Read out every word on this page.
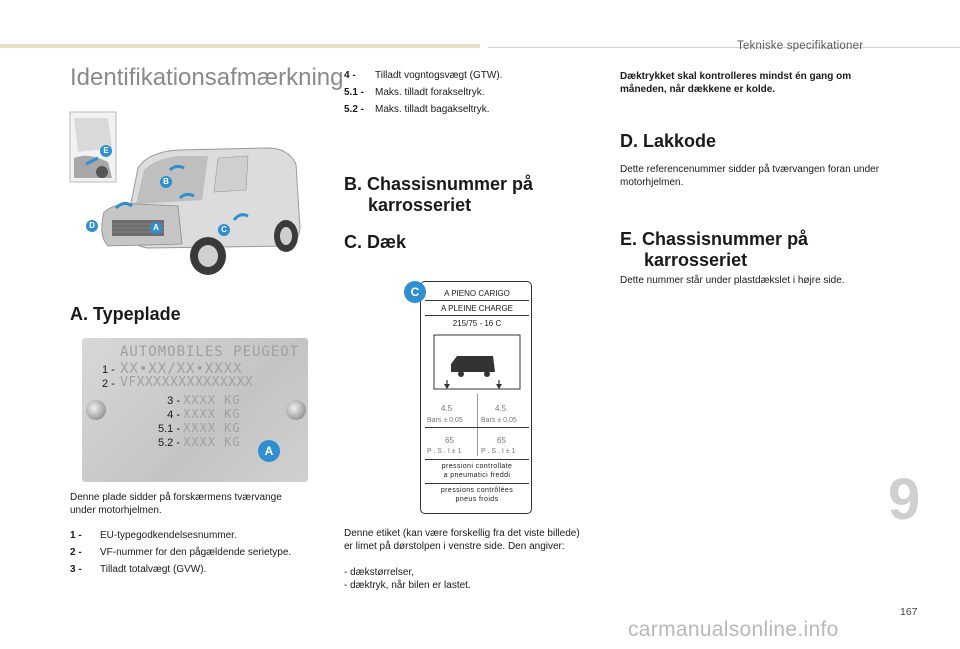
Tekniske specifikationer
Identifikationsafmærkning
E
B
D	A	C
A. Typeplade
AUTOMOBILES PEUGEOT
1 - XX•XX/XX•XXXX
2 - VFXXXXXXXXXXXXXX
3 - XXXX KG
4 - XXXX KG
5.1 - XXXX KG
5.2 - XXXX KG
A

Denne plade sidder på forskærmens tværvange under motorhjelmen.

1 - EU-typegodkendelsesnummer.
2 - VF-nummer for den pågældende serietype.
3 - Tilladt totalvægt (GVW).
4 - Tilladt vogntogsvægt (GTW).
5.1 - Maks. tilladt forakseltryk.
5.2 - Maks. tilladt bagakseltryk.
B. Chassisnummer på
karrosseriet
C. Dæk
C	A PIENO CARIGO
A PLEINE CHARGE
215/75 - 16 C
4.5	4.5
Bars ± 0,05	Bars ± 0,05
65	65
P . S . I ± 1	P . S . I ± 1
pressioni controllate
a pneumatici freddi
pressions contrôlées
pneus froids

Denne etiket (kan være forskellig fra det viste billede) er limet på dørstolpen i venstre side. Den angiver:

- dækstørrelser,
- dæktryk, når bilen er lastet.

Dæktrykket skal kontrolleres mindst én gang om måneden, når dækkene er kolde.

D. Lakkode

Dette referencenummer sidder på tværvangen foran under motorhjelmen.

E. Chassisnummer på
karrosseriet

Dette nummer står under plastdækslet i højre side.

9
167
carmanualsonline.info
